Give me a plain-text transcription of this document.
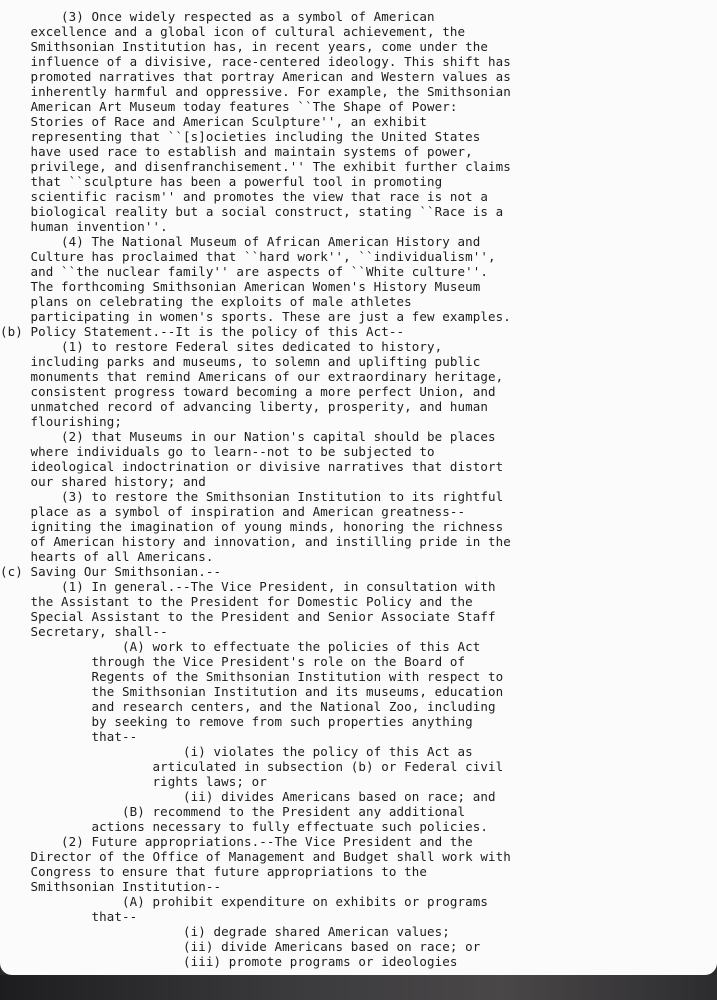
(3) Once widely respected as a symbol of American
excellence and a global icon of cultural achievement, the
Smithsonian Institution has, in recent years, come under the
influence of a divisive, race-centered ideology. This shift has
promoted narratives that portray American and Western values as
inherently harmful and oppressive. For example, the Smithsonian
American Art Museum today features ``The Shape of Power:
Stories of Race and American Sculpture'', an exhibit
representing that ``[s]ocieties including the United States
have used race to establish and maintain systems of power,
privilege, and disenfranchisement.'' The exhibit further claims
that ``sculpture has been a powerful tool in promoting
scientific racism'' and promotes the view that race is not a
biological reality but a social construct, stating ``Race is a
human invention''.
(4) The National Museum of African American History and
Culture has proclaimed that ``hard work'', ``individualism'',
and ``the nuclear family'' are aspects of ``White culture''.
The forthcoming Smithsonian American Women's History Museum
plans on celebrating the exploits of male athletes
participating in women's sports. These are just a few examples.
(b) Policy Statement.--It is the policy of this Act--
(1) to restore Federal sites dedicated to history,
including parks and museums, to solemn and uplifting public
monuments that remind Americans of our extraordinary heritage,
consistent progress toward becoming a more perfect Union, and
unmatched record of advancing liberty, prosperity, and human
flourishing;
(2) that Museums in our Nation's capital should be places
where individuals go to learn--not to be subjected to
ideological indoctrination or divisive narratives that distort
our shared history; and
(3) to restore the Smithsonian Institution to its rightful
place as a symbol of inspiration and American greatness--
igniting the imagination of young minds, honoring the richness
of American history and innovation, and instilling pride in the
hearts of all Americans.
(c) Saving Our Smithsonian.--
(1) In general.--The Vice President, in consultation with
the Assistant to the President for Domestic Policy and the
Special Assistant to the President and Senior Associate Staff
Secretary, shall--
(A) work to effectuate the policies of this Act
through the Vice President's role on the Board of
Regents of the Smithsonian Institution with respect to
the Smithsonian Institution and its museums, education
and research centers, and the National Zoo, including
by seeking to remove from such properties anything
that--
(i) violates the policy of this Act as
articulated in subsection (b) or Federal civil
rights laws; or
(ii) divides Americans based on race; and
(B) recommend to the President any additional
actions necessary to fully effectuate such policies.
(2) Future appropriations.--The Vice President and the
Director of the Office of Management and Budget shall work with
Congress to ensure that future appropriations to the
Smithsonian Institution--
(A) prohibit expenditure on exhibits or programs
that--
(i) degrade shared American values;
(ii) divide Americans based on race; or
(iii) promote programs or ideologies
